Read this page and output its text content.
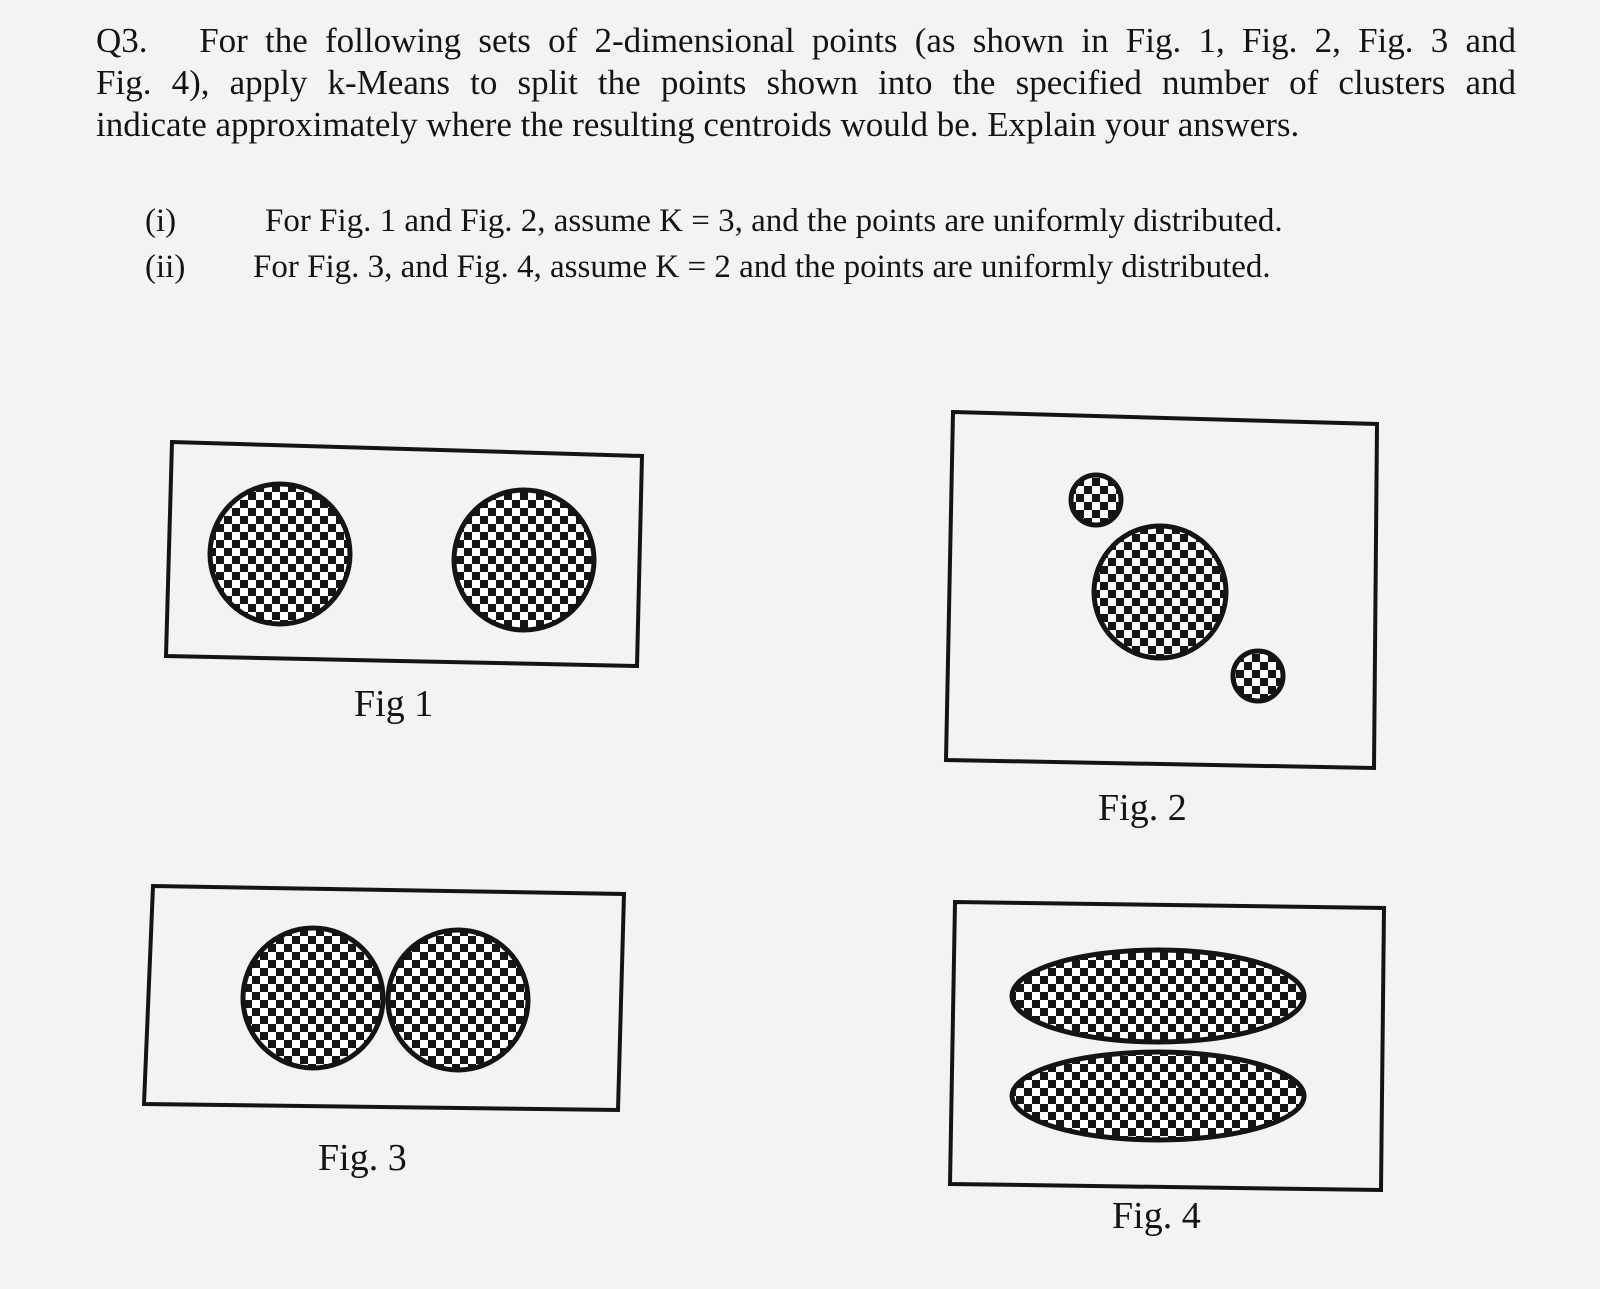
Q3. For the following sets of 2-dimensional points (as shown in Fig. 1, Fig. 2, Fig. 3 and

Fig. 4), apply k-Means to split the points shown into the specified number of clusters and

indicate approximately where the resulting centroids would be. Explain your answers.

(i)	For Fig. 1 and Fig. 2, assume K = 3, and the points are uniformly distributed.
(ii)	For Fig. 3, and Fig. 4, assume K = 2 and the points are uniformly distributed.
Fig 1
Fig. 2
Fig. 3
Fig. 4
